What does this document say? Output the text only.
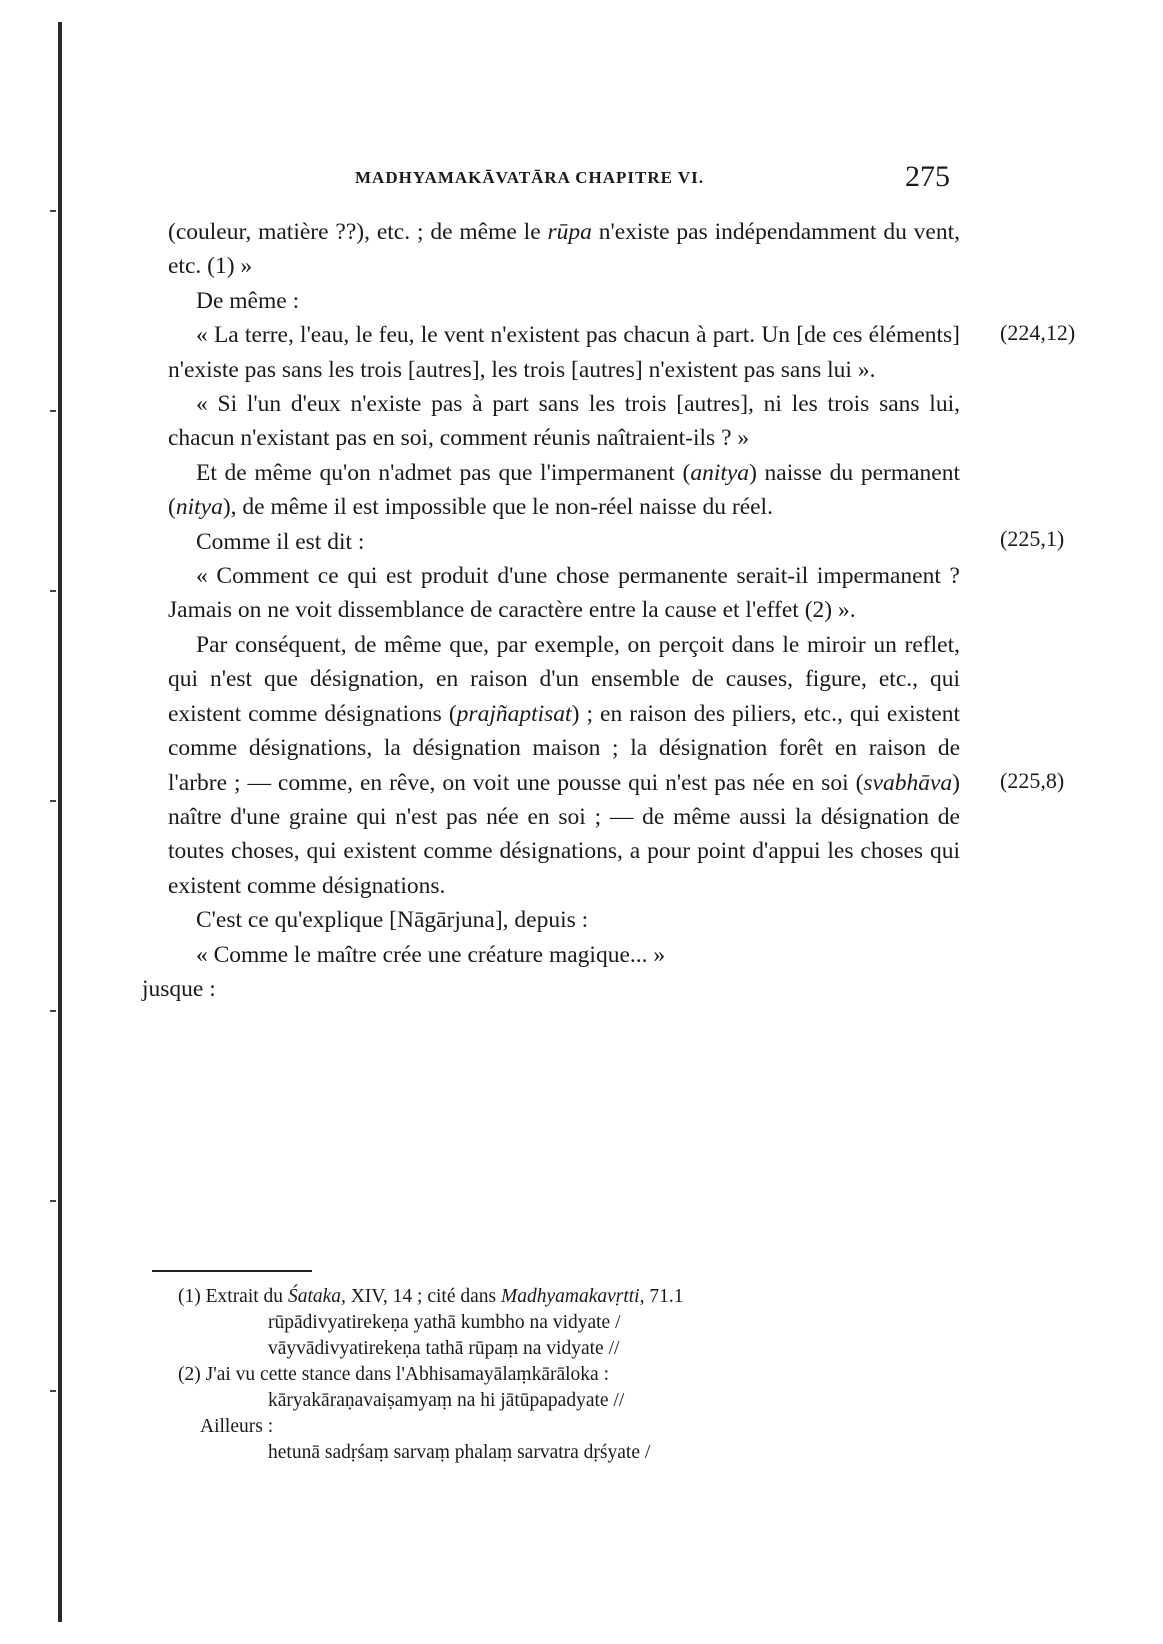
MADHYAMAKĀVATĀRA CHAPITRE VI.	275

(couleur, matière ??), etc. ; de même le rūpa n'existe pas indépendamment du vent, etc. (1) »

De même :

« La terre, l'eau, le feu, le vent n'existent pas chacun à part. Un [de ces éléments] n'existe pas sans les trois [autres], les trois [autres] n'existent pas sans lui ».

« Si l'un d'eux n'existe pas à part sans les trois [autres], ni les trois sans lui, chacun n'existant pas en soi, comment réunis naîtraient-ils ? »

Et de même qu'on n'admet pas que l'impermanent (anitya) naisse du permanent (nitya), de même il est impossible que le non-réel naisse du réel.

Comme il est dit :

« Comment ce qui est produit d'une chose permanente serait-il impermanent ? Jamais on ne voit dissemblance de caractère entre la cause et l'effet (2) ».

Par conséquent, de même que, par exemple, on perçoit dans le miroir un reflet, qui n'est que désignation, en raison d'un ensemble de causes, figure, etc., qui existent comme désignations (prajñaptisat) ; en raison des piliers, etc., qui existent comme désignations, la désignation maison ; la désignation forêt en raison de l'arbre ; — comme, en rêve, on voit une pousse qui n'est pas née en soi (svabhāva) naître d'une graine qui n'est pas née en soi ; — de même aussi la désignation de toutes choses, qui existent comme désignations, a pour point d'appui les choses qui existent comme désignations.

C'est ce qu'explique [Nāgārjuna], depuis :

« Comme le maître crée une créature magique... »

jusque :

(224,12)
(225,1)
(225,8)
(1) Extrait du Śataka, XIV, 14 ; cité dans Madhyamakavṛtti, 71.1
rūpādivyatirekeṇa yathā kumbho na vidyate /
vāyvādivyatirekeṇa tathā rūpaṃ na vidyate //
(2) J'ai vu cette stance dans l'Abhisamayālaṃkārāloka :
kāryakāraṇavaiṣamyaṃ na hi jātūpapadyate //
Ailleurs :
hetunā sadṛśaṃ sarvaṃ phalaṃ sarvatra dṛśyate /
